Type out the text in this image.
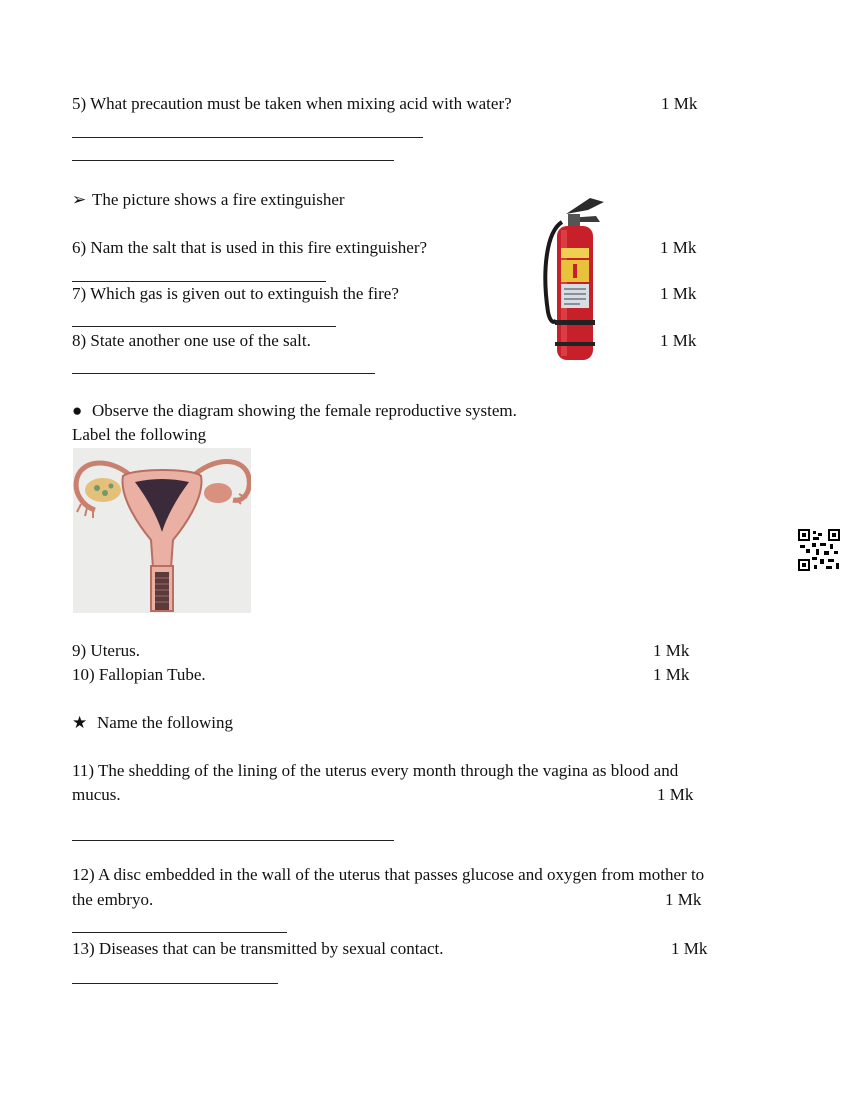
5) What precaution must be taken when mixing acid with water?	1 Mk
➢ The picture shows a fire extinguisher
6) Nam the salt that is used in this fire extinguisher?	1 Mk
7) Which gas is given out to extinguish the fire?	1 Mk
8) State another one use of the salt.	1 Mk
● Observe the diagram showing the female reproductive system.
Label the following
9) Uterus.	1 Mk
10) Fallopian Tube.	1 Mk
★ Name the following
11) The shedding of the lining of the uterus every month through the vagina as blood and
mucus.	1 Mk
12) A disc embedded in the wall of the uterus that passes glucose and oxygen from mother to
the embryo.	1 Mk
13) Diseases that can be transmitted by sexual contact.	1 Mk
